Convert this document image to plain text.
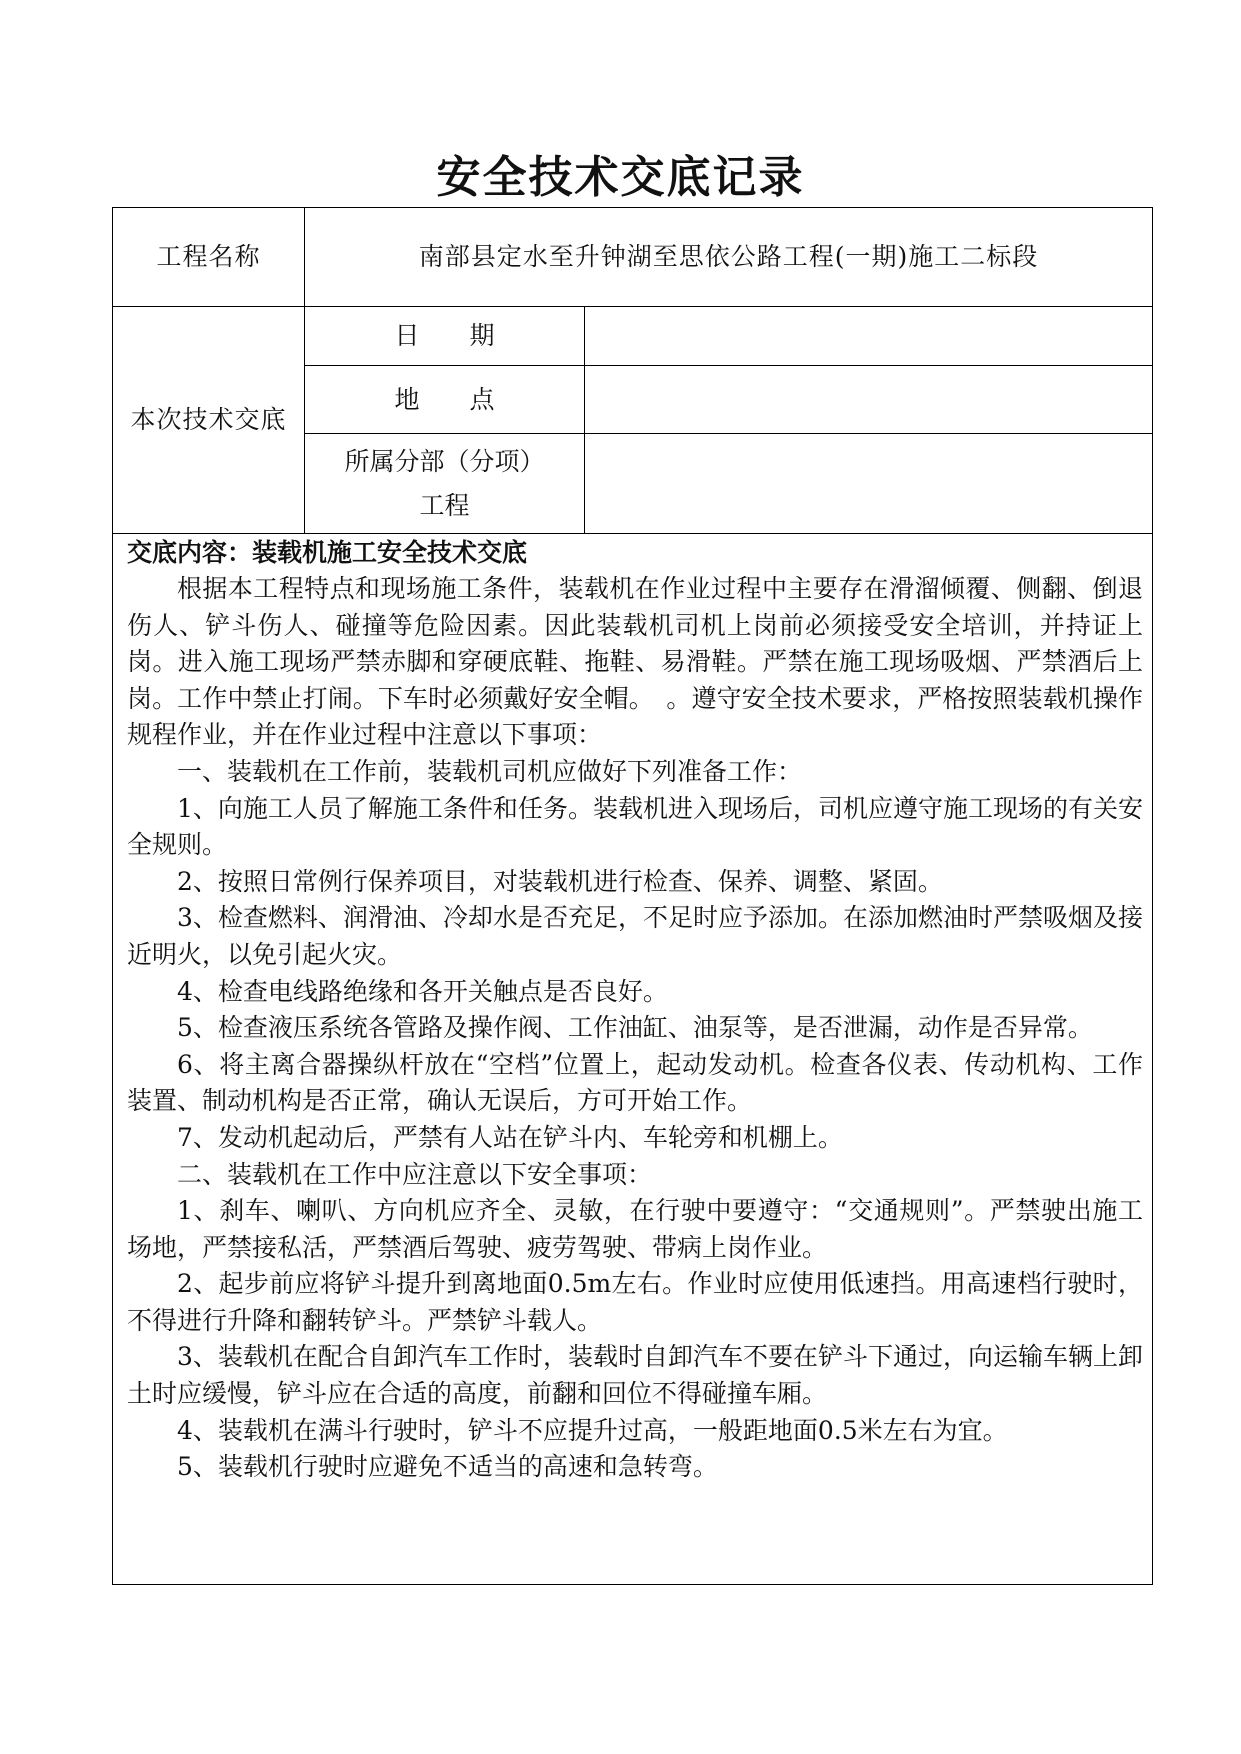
安全技术交底记录
工程名称	南部县定水至升钟湖至思依公路工程(一期)施工二标段
本次技术交底
日　　期
地　　点
所属分部（分项）
工程
交底内容：装载机施工安全技术交底

根据本工程特点和现场施工条件，装载机在作业过程中主要存在滑溜倾覆、侧翻、倒退伤人、铲斗伤人、碰撞等危险因素。因此装载机司机上岗前必须接受安全培训，并持证上岗。进入施工现场严禁赤脚和穿硬底鞋、拖鞋、易滑鞋。严禁在施工现场吸烟、严禁酒后上岗。工作中禁止打闹。下车时必须戴好安全帽。　。遵守安全技术要求，严格按照装载机操作规程作业，并在作业过程中注意以下事项：

一、装载机在工作前，装载机司机应做好下列准备工作：

1、向施工人员了解施工条件和任务。装载机进入现场后，司机应遵守施工现场的有关安全规则。

2、按照日常例行保养项目，对装载机进行检查、保养、调整、紧固。

3、检查燃料、润滑油、冷却水是否充足，不足时应予添加。在添加燃油时严禁吸烟及接近明火，以免引起火灾。

4、检查电线路绝缘和各开关触点是否良好。

5、检查液压系统各管路及操作阀、工作油缸、油泵等，是否泄漏，动作是否异常。

6、将主离合器操纵杆放在“空档”位置上，起动发动机。检查各仪表、传动机构、工作装置、制动机构是否正常，确认无误后，方可开始工作。

7、发动机起动后，严禁有人站在铲斗内、车轮旁和机棚上。

二、装载机在工作中应注意以下安全事项：

1、刹车、喇叭、方向机应齐全、灵敏，在行驶中要遵守：“交通规则”。严禁驶出施工场地，严禁接私活，严禁酒后驾驶、疲劳驾驶、带病上岗作业。

2、起步前应将铲斗提升到离地面0.5m左右。作业时应使用低速挡。用高速档行驶时，不得进行升降和翻转铲斗。严禁铲斗载人。

3、装载机在配合自卸汽车工作时，装载时自卸汽车不要在铲斗下通过，向运输车辆上卸土时应缓慢，铲斗应在合适的高度，前翻和回位不得碰撞车厢。

4、装载机在满斗行驶时，铲斗不应提升过高，一般距地面0.5米左右为宜。

5、装载机行驶时应避免不适当的高速和急转弯。
